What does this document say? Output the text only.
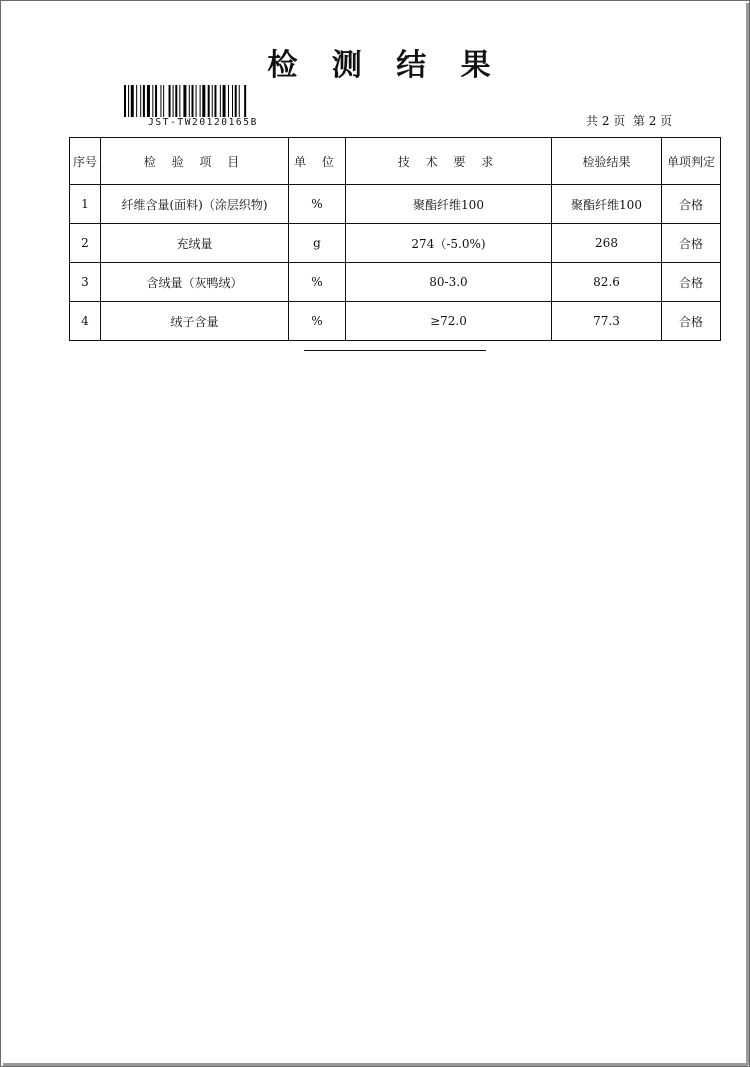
检 测 结 果
JST-TW20120165B	共 2 页  第 2 页
序号	检 验 项 目	单 位	技 术 要 求	检验结果	单项判定
1	纤维含量(面料)（涂层织物)	%	聚酯纤维100	聚酯纤维100	合格
2	充绒量	g	274（-5.0%)	268	合格
3	含绒量（灰鸭绒）	%	80-3.0	82.6	合格
4	绒子含量	%	≥72.0	77.3	合格
